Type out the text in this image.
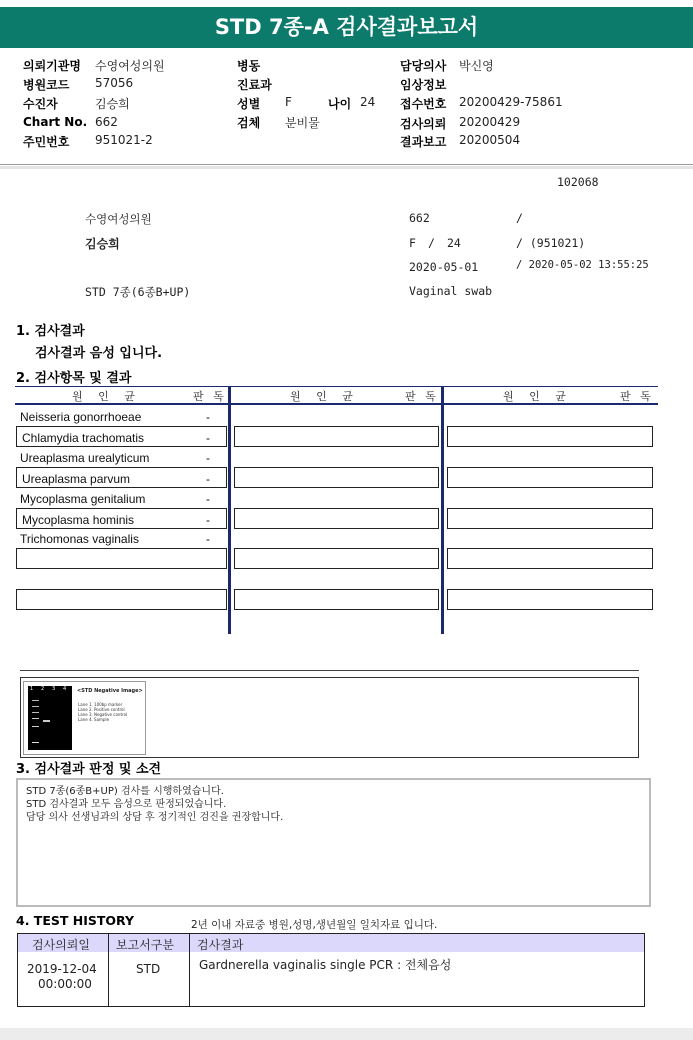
STD 7종-A 검사결과보고서
의뢰기관명 수영여성의원
병원코드 57056
수진자	김승희
Chart No. 662
주민번호 951021-2
병동
진료과
성별 F
검체 분비물
나이 24
담당의사 박신영
임상정보
접수번호 20200429-75861
검사의뢰 20200429
결과보고 20200504
102068
수영여성의원	662	/
김승희	F / 24	/ (951021)
2020-05-01	/ 2020-05-02 13:55:25
STD 7종(6종B+UP)	Vaginal swab
1. 검사결과
검사결과 음성 입니다.
2. 검사항목 및 결과
원 인 균	판 독	원 인 균	판 독	원 인 균	판 독
Neisseria gonorrhoeae	-
Chlamydia trachomatis	-
Ureaplasma urealyticum	-
Ureaplasma parvum	-
Mycoplasma genitalium	-
Mycoplasma hominis	-
Trichomonas vaginalis	-
1 2 3 4 <STD Negative Image>
Lane 1. 100bp marker
Lane 2. Positive control
Lane 3. Negative control
Lane 4. Sample
3. 검사결과 판정 및 소견
STD 7종(6종B+UP) 검사를 시행하였습니다.
STD 검사결과 모두 음성으로 판정되었습니다.
담당 의사 선생님과의 상담 후 정기적인 검진을 권장합니다.
4. TEST HISTORY	2년 이내 자료중 병원,성명,생년월일 일치자료 입니다.
검사의뢰일 보고서구분 검사결과
2019-12-04
00:00:00
STD	Gardnerella vaginalis single PCR : 전체음성
